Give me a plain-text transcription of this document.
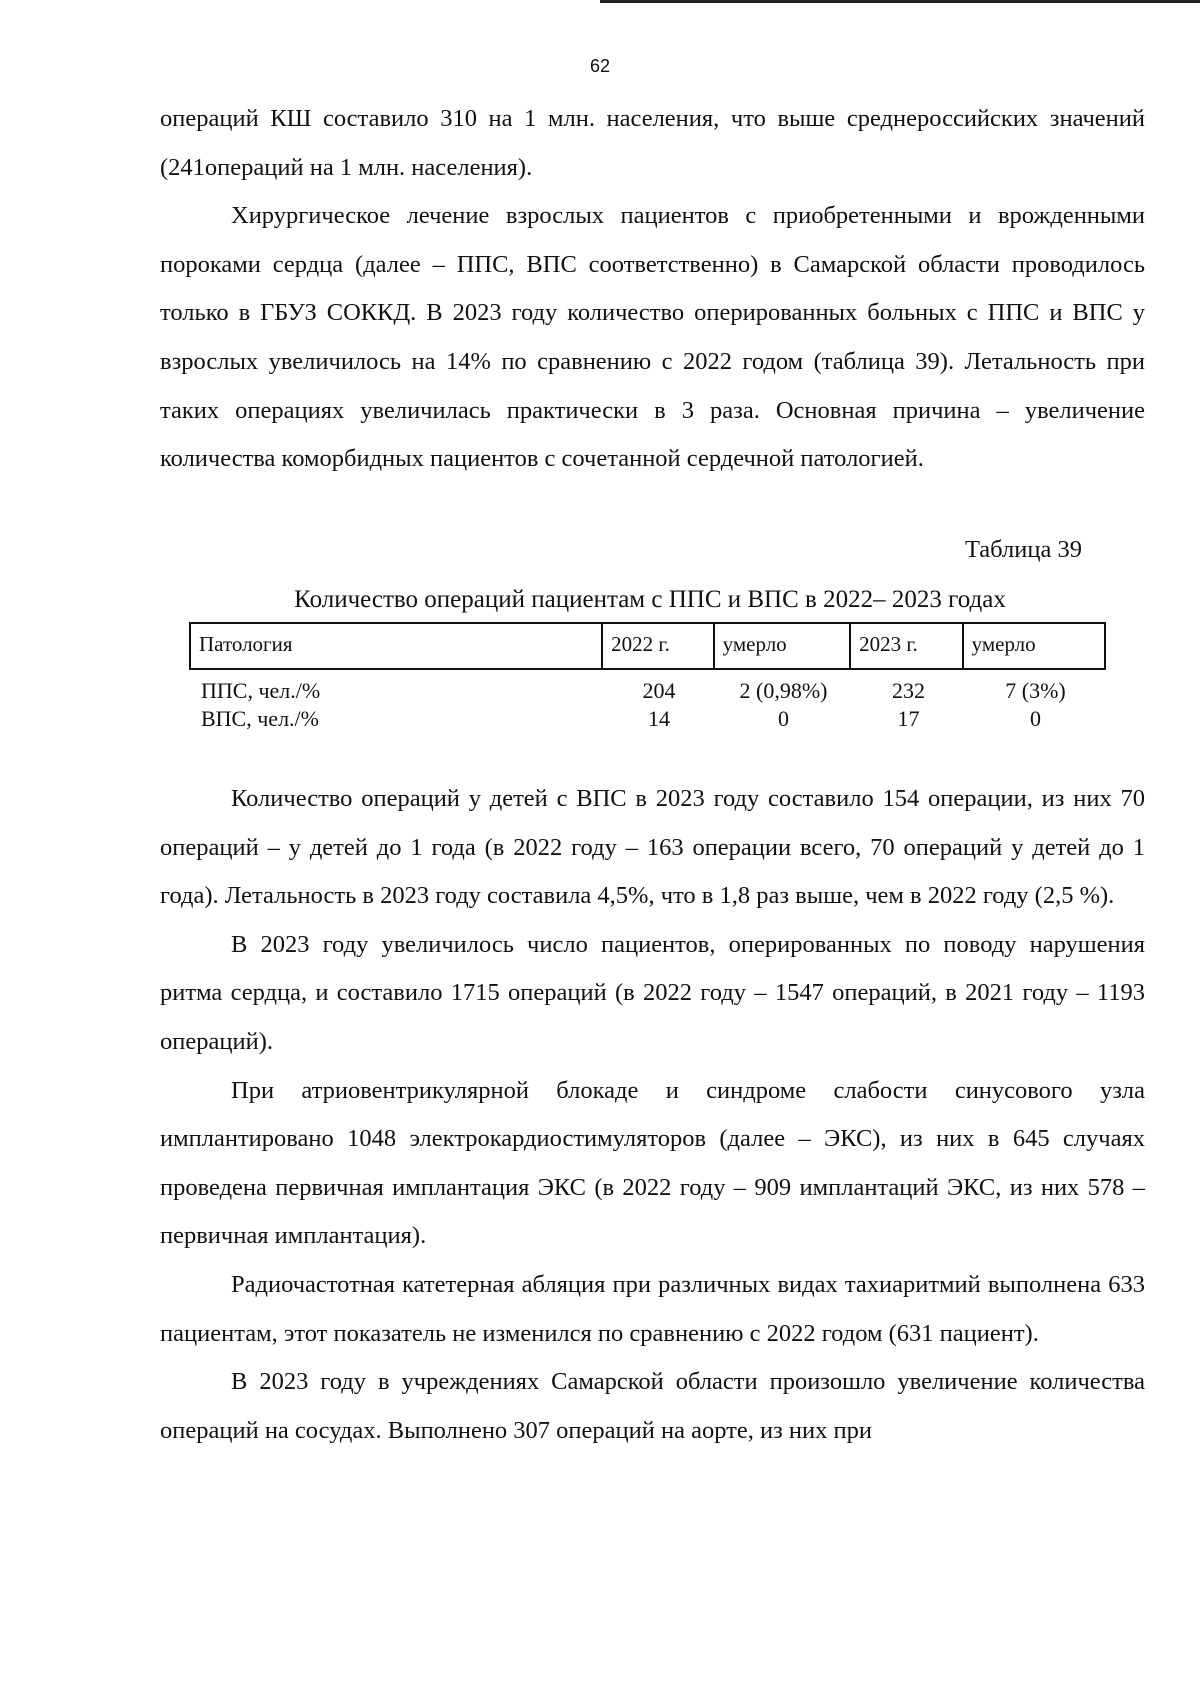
62

операций КШ составило 310 на 1 млн. населения, что выше среднероссийских значений (241операций на 1 млн. населения).

Хирургическое лечение взрослых пациентов с приобретенными и врожденными пороками сердца (далее – ППС, ВПС соответственно) в Самарской области проводилось только в ГБУЗ СОККД. В 2023 году количество оперированных больных с ППС и ВПС у взрослых увеличилось на 14% по сравнению с 2022 годом (таблица 39). Летальность при таких операциях увеличилась практически в 3 раза. Основная причина – увеличение количества коморбидных пациентов с сочетанной сердечной патологией.

Таблица 39
Количество операций пациентам с ППС и ВПС в 2022– 2023 годах
Патология	2022 г.	умерло	2023 г.	умерло
ППС, чел./%	204	2 (0,98%)	232	7 (3%)
ВПС, чел./%	14	0	17	0

Количество операций у детей с ВПС в 2023 году составило 154 операции, из них 70 операций – у детей до 1 года (в 2022 году – 163 операции всего, 70 операций у детей до 1 года). Летальность в 2023 году составила 4,5%, что в 1,8 раз выше, чем в 2022 году (2,5 %).

В 2023 году увеличилось число пациентов, оперированных по поводу нарушения ритма сердца, и составило 1715 операций (в 2022 году – 1547 операций, в 2021 году – 1193 операций).

При атриовентрикулярной блокаде и синдроме слабости синусового узла имплантировано 1048 электрокардиостимуляторов (далее – ЭКС), из них в 645 случаях проведена первичная имплантация ЭКС (в 2022 году – 909 имплантаций ЭКС, из них 578 – первичная имплантация).

Радиочастотная катетерная абляция при различных видах тахиаритмий выполнена 633 пациентам, этот показатель не изменился по сравнению с 2022 годом (631 пациент).

В 2023 году в учреждениях Самарской области произошло увеличение количества операций на сосудах. Выполнено 307 операций на аорте, из них при
